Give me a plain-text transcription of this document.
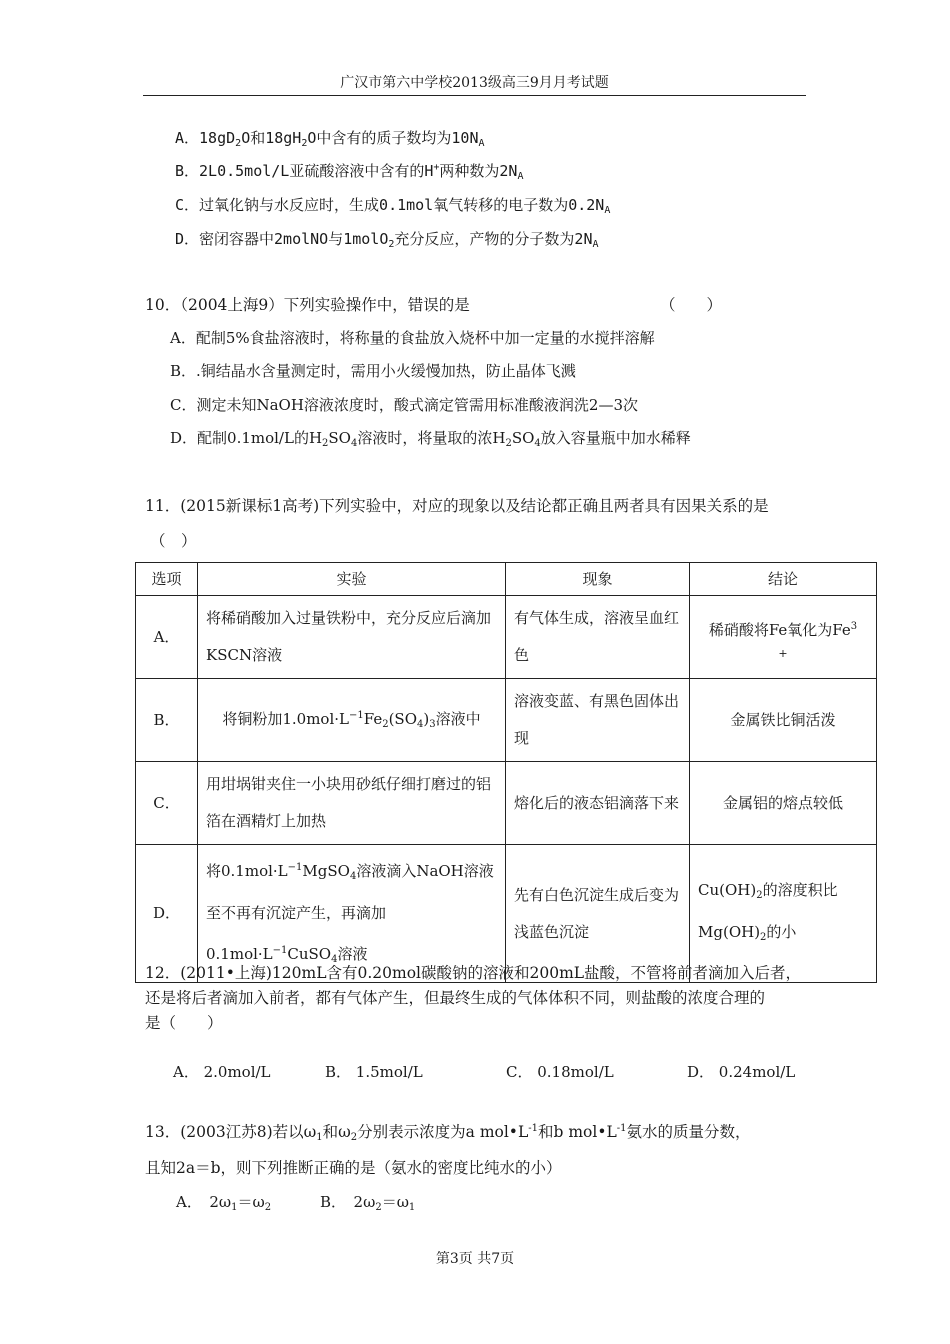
广汉市第六中学校2013级高三9月月考试题
A．$18gD_2O$和$18gH_2O$中含有的质子数均为$10N_A$
B．2L0.5mol/L亚硫酸溶液中含有的H+两种数为$2N_A$
C．过氧化钠与水反应时，生成0.1mol氧气转移的电子数为$0.2N_A$
D．密闭容器中2molNO与1molO$_2$充分反应，产物的分子数为$2N_A$
10．（2004上海9）下列实验操作中，错误的是	（　　）
A．配制5%食盐溶液时，将称量的食盐放入烧杯中加一定量的水搅拌溶解
B．.铜结晶水含量测定时，需用小火缓慢加热，防止晶体飞溅
C．测定未知NaOH溶液浓度时，酸式滴定管需用标准酸液润洗2—3次
D．配制0.1mol/L的$H_2SO_4$溶液时，将量取的浓$H_2SO_4$放入容量瓶中加水稀释
11．(2015新课标1高考)下列实验中，对应的现象以及结论都正确且两者具有因果关系的是
（　）
选项	实验	现象	结论
A．	将稀硝酸加入过量铁粉中，充分反应后滴加KSCN溶液	有气体生成，溶液呈血红色	稀硝酸将Fe氧化为$Fe^3$
+

B．	将铜粉加$1.0mol\cdot L^{-1}Fe_2(SO_4)_3$溶液中	溶液变蓝、有黑色固体出现	金属铁比铜活泼
C．	用坩埚钳夹住一小块用砂纸仔细打磨过的铝箔在酒精灯上加热	熔化后的液态铝滴落下来	金属铝的熔点较低
D．	将$0.1mol\cdot L^{-1}MgSO_4$溶液滴入NaOH溶液至不再有沉淀产生，再滴加$0.1mol\cdot L^{-1}CuSO_4$溶液	先有白色沉淀生成后变为浅蓝色沉淀	$Cu(OH)_2$的溶度积比$Mg(OH)_2$的小
12．(2011•上海)120mL含有0.20mol碳酸钠的溶液和200mL盐酸，不管将前者滴加入后者，
还是将后者滴加入前者，都有气体产生，但最终生成的气体体积不同，则盐酸的浓度合理的
是（　　）
A． 2.0mol/L	B． 1.5mol/L	C． 0.18mol/L	D． 0.24mol/L
13．(2003江苏8)若以$\omega_1$和$\omega_2$分别表示浓度为a $mol•L^{-1}$和b $mol•L^{-1}$氨水的质量分数，
且知2a＝b，则下列推断正确的是（氨水的密度比纯水的小）
A．　$2\omega_1=\omega_2$	B．　$2\omega_2=\omega_1$
第3页 共7页
